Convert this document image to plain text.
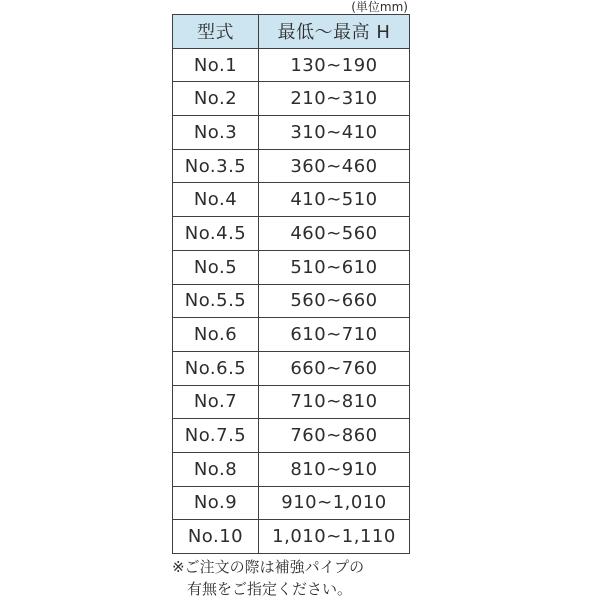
(単位mm)
型式	最低～最高 H
No.1	130∼190
No.2	210∼310
No.3	310∼410
No.3.5	360∼460
No.4	410∼510
No.4.5	460∼560
No.5	510∼610
No.5.5	560∼660
No.6	610∼710
No.6.5	660∼760
No.7	710∼810
No.7.5	760∼860
No.8	810∼910
No.9	910∼1,010
No.10	1,010∼1,110
※ご注文の際は補強パイプの
有無をご指定ください。
